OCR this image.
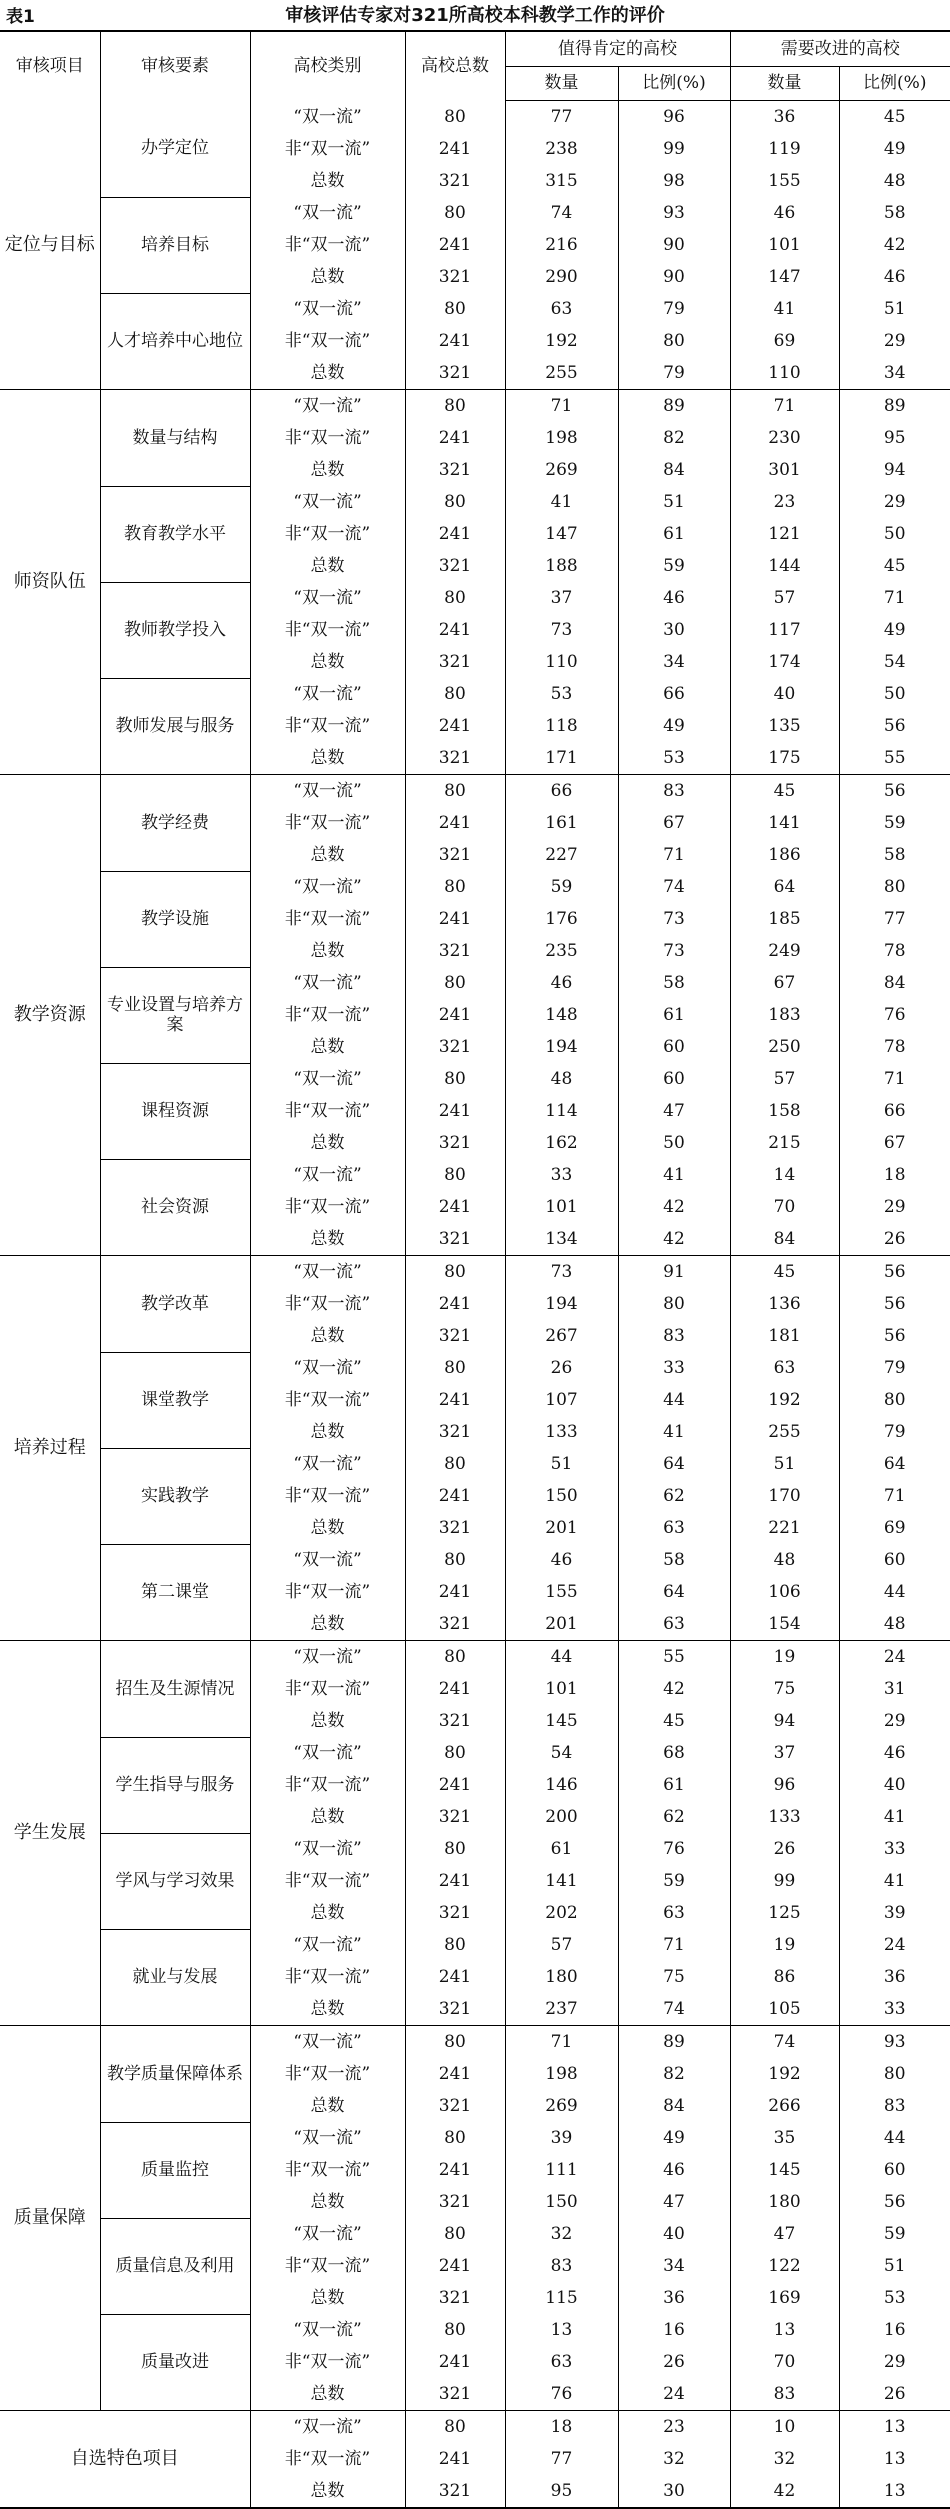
表1	审核评估专家对321所高校本科教学工作的评价
审核项目	审核要素	高校类别	高校总数	值得肯定的高校		需要改进的高校	
				数量	比例(%)	数量	比例(%)
定位与目标	办学定位	“双一流”	80	77	96	36	45
		非“双一流”	241	238	99	119	49
		总数	321	315	98	155	48
	培养目标	“双一流”	80	74	93	46	58
		非“双一流”	241	216	90	101	42
		总数	321	290	90	147	46
	人才培养中心地位	“双一流”	80	63	79	41	51
		非“双一流”	241	192	80	69	29
		总数	321	255	79	110	34
师资队伍	数量与结构	“双一流”	80	71	89	71	89
		非“双一流”	241	198	82	230	95
		总数	321	269	84	301	94
	教育教学水平	“双一流”	80	41	51	23	29
		非“双一流”	241	147	61	121	50
		总数	321	188	59	144	45
	教师教学投入	“双一流”	80	37	46	57	71
		非“双一流”	241	73	30	117	49
		总数	321	110	34	174	54
	教师发展与服务	“双一流”	80	53	66	40	50
		非“双一流”	241	118	49	135	56
		总数	321	171	53	175	55
教学资源	教学经费	“双一流”	80	66	83	45	56
		非“双一流”	241	161	67	141	59
		总数	321	227	71	186	58
	教学设施	“双一流”	80	59	74	64	80
		非“双一流”	241	176	73	185	77
		总数	321	235	73	249	78
	专业设置与培养方案	“双一流”	80	46	58	67	84
		非“双一流”	241	148	61	183	76
		总数	321	194	60	250	78
	课程资源	“双一流”	80	48	60	57	71
		非“双一流”	241	114	47	158	66
		总数	321	162	50	215	67
	社会资源	“双一流”	80	33	41	14	18
		非“双一流”	241	101	42	70	29
		总数	321	134	42	84	26
培养过程	教学改革	“双一流”	80	73	91	45	56
		非“双一流”	241	194	80	136	56
		总数	321	267	83	181	56
	课堂教学	“双一流”	80	26	33	63	79
		非“双一流”	241	107	44	192	80
		总数	321	133	41	255	79
	实践教学	“双一流”	80	51	64	51	64
		非“双一流”	241	150	62	170	71
		总数	321	201	63	221	69
	第二课堂	“双一流”	80	46	58	48	60
		非“双一流”	241	155	64	106	44
		总数	321	201	63	154	48
学生发展	招生及生源情况	“双一流”	80	44	55	19	24
		非“双一流”	241	101	42	75	31
		总数	321	145	45	94	29
	学生指导与服务	“双一流”	80	54	68	37	46
		非“双一流”	241	146	61	96	40
		总数	321	200	62	133	41
	学风与学习效果	“双一流”	80	61	76	26	33
		非“双一流”	241	141	59	99	41
		总数	321	202	63	125	39
	就业与发展	“双一流”	80	57	71	19	24
		非“双一流”	241	180	75	86	36
		总数	321	237	74	105	33
质量保障	教学质量保障体系	“双一流”	80	71	89	74	93
		非“双一流”	241	198	82	192	80
		总数	321	269	84	266	83
	质量监控	“双一流”	80	39	49	35	44
		非“双一流”	241	111	46	145	60
		总数	321	150	47	180	56
	质量信息及利用	“双一流”	80	32	40	47	59
		非“双一流”	241	83	34	122	51
		总数	321	115	36	169	53
	质量改进	“双一流”	80	13	16	13	16
		非“双一流”	241	63	26	70	29
		总数	321	76	24	83	26
自选特色项目		“双一流”	80	18	23	10	13
		非“双一流”	241	77	32	32	13
		总数	321	95	30	42	13
